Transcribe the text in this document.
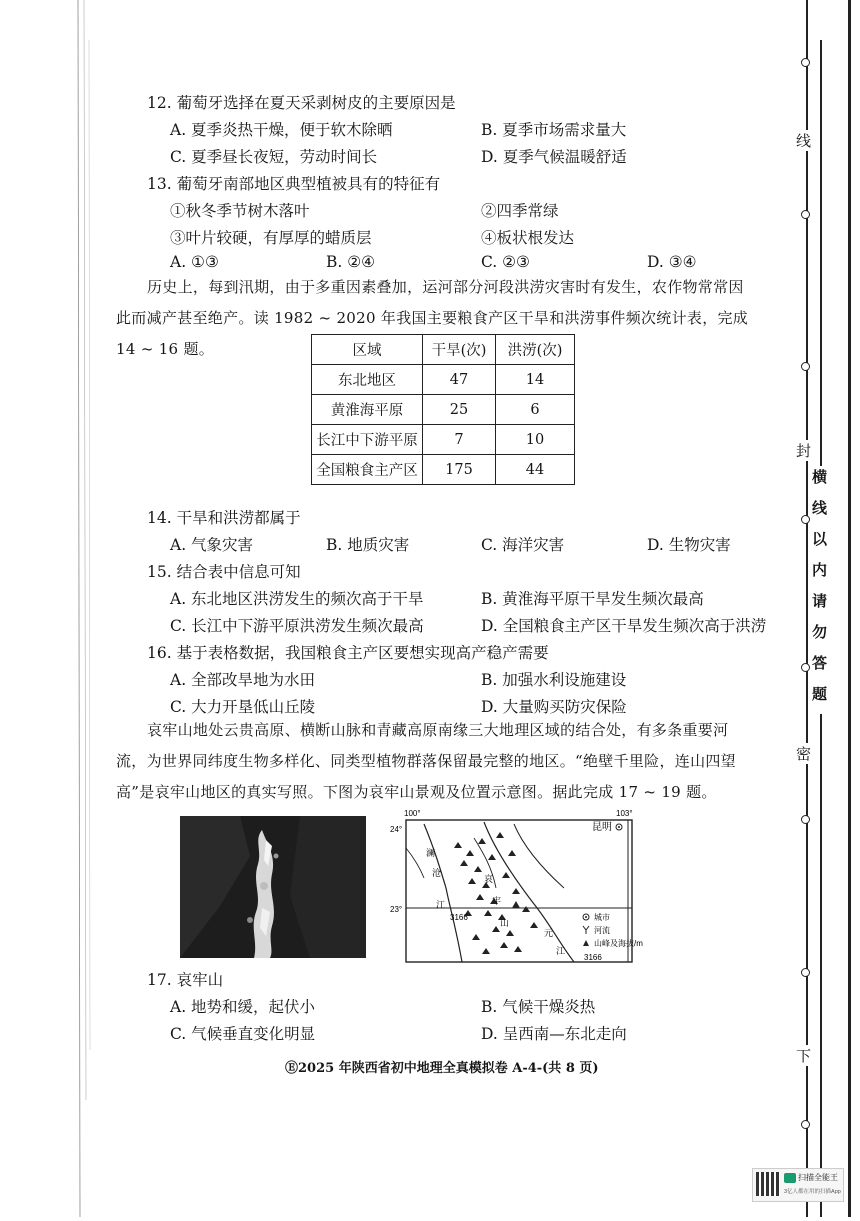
12. 葡萄牙选择在夏天采剥树皮的主要原因是
A. 夏季炎热干燥，便于软木除晒	B. 夏季市场需求量大
C. 夏季昼长夜短，劳动时间长	D. 夏季气候温暖舒适
13. 葡萄牙南部地区典型植被具有的特征有
①秋冬季节树木落叶	②四季常绿
③叶片较硬，有厚厚的蜡质层	④板状根发达
A. ①③	B. ②④	C. ②③	D. ③④
历史上，每到汛期，由于多重因素叠加，运河部分河段洪涝灾害时有发生，农作物常常因此而减产甚至绝产。读 1982 ~ 2020 年我国主要粮食产区干旱和洪涝事件频次统计表，完成 14 ~ 16 题。	区域	干旱(次)	洪涝(次)
东北地区	47	14
黄淮海平原	25	6
长江中下游平原	7	10
全国粮食主产区	175	44
14. 干旱和洪涝都属于
A. 气象灾害	B. 地质灾害	C. 海洋灾害	D. 生物灾害
15. 结合表中信息可知
A. 东北地区洪涝发生的频次高于干旱	B. 黄淮海平原干旱发生频次最高
C. 长江中下游平原洪涝发生频次最高	D. 全国粮食主产区干旱发生频次高于洪涝
16. 基于表格数据，我国粮食主产区要想实现高产稳产需要
A. 全部改旱地为水田	B. 加强水利设施建设
C. 大力开垦低山丘陵	D. 大量购买防灾保险
哀牢山地处云贵高原、横断山脉和青藏高原南缘三大地理区域的结合处，有多条重要河流，为世界同纬度生物多样化、同类型植物群落保留最完整的地区。“绝壁千里险，连山四望高”是哀牢山地区的真实写照。下图为哀牢山景观及位置示意图。据此完成 17 ~ 19 题。
昆明
100°	103°
24°
23°
3166
澜
沧
江
哀
牢
山
元
江
城市
河流
山峰及海拔/m
3166
17. 哀牢山
A. 地势和缓，起伏小	B. 气候干燥炎热
C. 气候垂直变化明显	D. 呈西南—东北走向
Ⓔ2025 年陕西省初中地理全真模拟卷 A-4-(共 8 页)
线
封
密
下
横
线
以
内
请
勿
答
题
扫描全能王
3亿人都在用的扫描App
